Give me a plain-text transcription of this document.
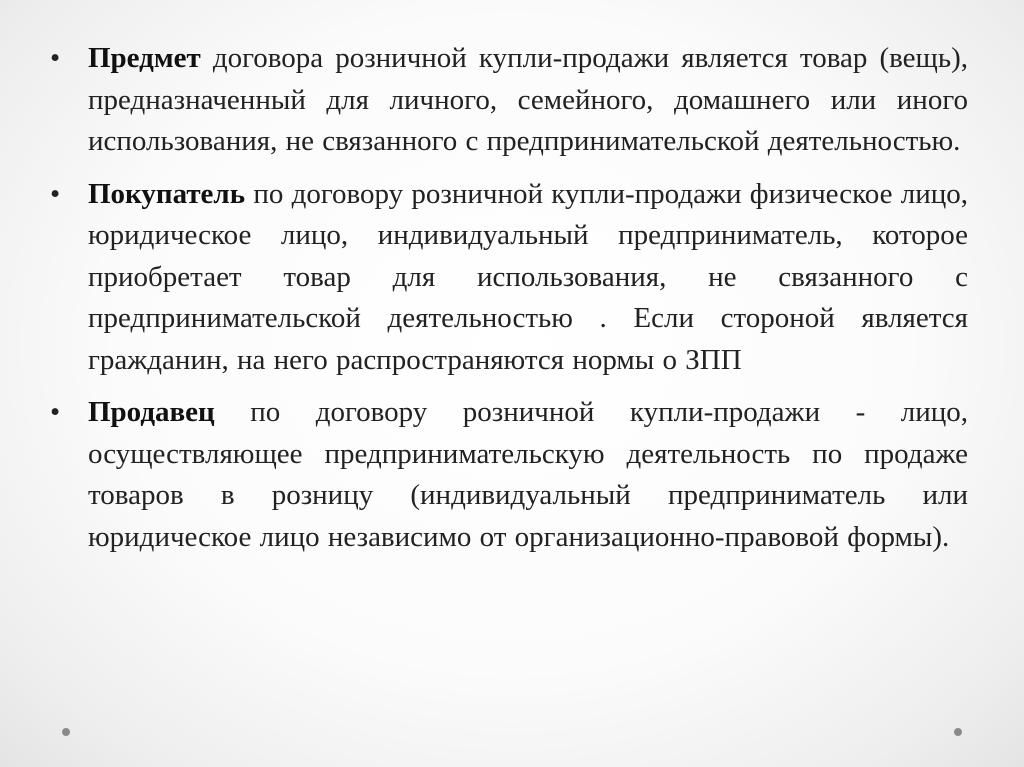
• Предмет договора розничной купли-продажи является товар (вещь), предназначенный для личного, семейного, домашнего или иного использования, не связанного с предпринимательской деятельностью.
• Покупатель по договору розничной купли-продажи физическое лицо, юридическое лицо, индивидуальный предприниматель, которое приобретает товар для использования, не связанного с предпринимательской деятельностью . Если стороной является гражданин, на него распространяются нормы о ЗПП
• Продавец по договору розничной купли-продажи - лицо, осуществляющее предпринимательскую деятельность по продаже товаров в розницу (индивидуальный предприниматель или юридическое лицо независимо от организационно-правовой формы).
